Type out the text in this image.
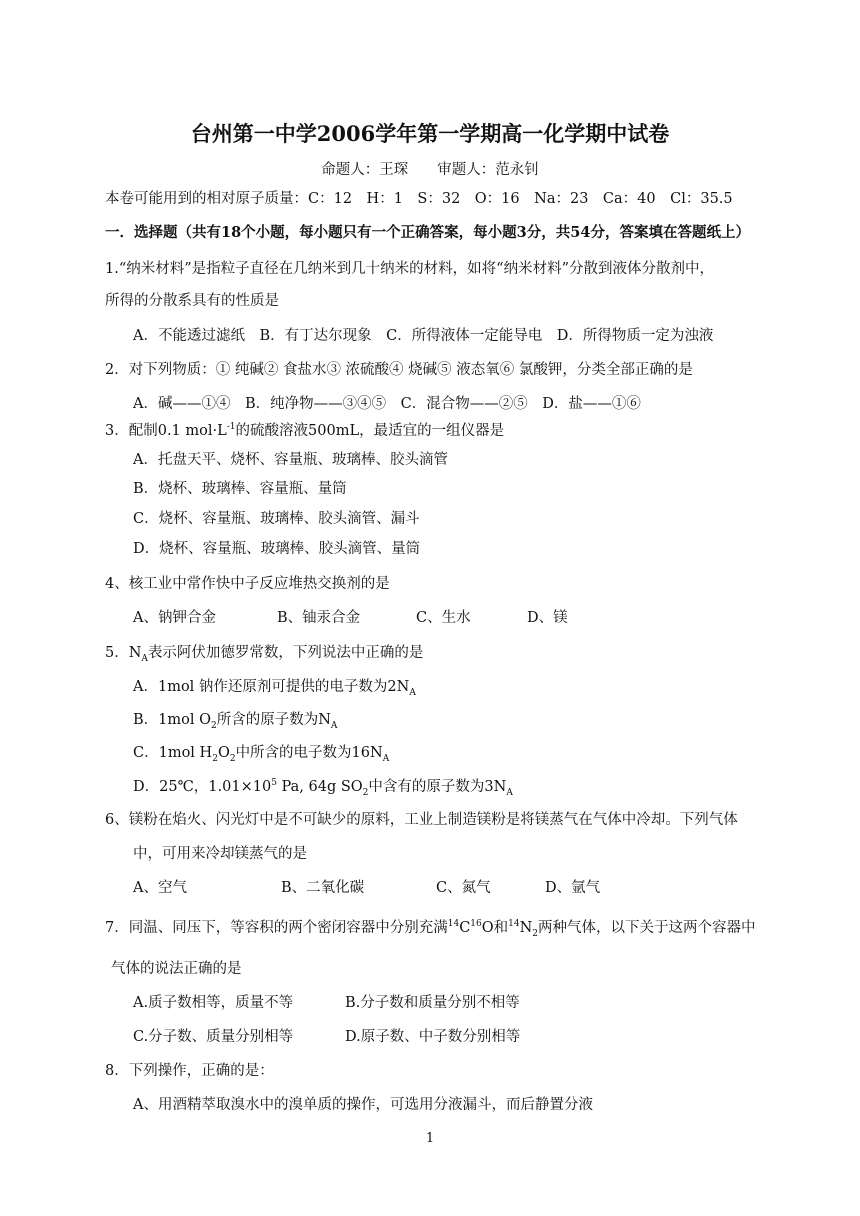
台州第一中学2006学年第一学期高一化学期中试卷
命题人：王琛　　审题人：范永钊
本卷可能用到的相对原子质量：C：12　H：1　S：32　O：16　Na：23　Ca：40　Cl：35.5
一．选择题（共有18个小题，每小题只有一个正确答案，每小题3分，共54分，答案填在答题纸上）
1.“纳米材料”是指粒子直径在几纳米到几十纳米的材料，如将“纳米材料”分散到液体分散剂中，
所得的分散系具有的性质是
A．不能透过滤纸　B．有丁达尔现象　C．所得液体一定能导电　D．所得物质一定为浊液
2．对下列物质：① 纯碱② 食盐水③ 浓硫酸④ 烧碱⑤ 液态氧⑥ 氯酸钾，分类全部正确的是
A．碱——①④　B．纯净物——③④⑤　C．混合物——②⑤　D．盐——①⑥
3．配制0.1 $mol\cdot L^{-1}$的硫酸溶液500mL，最适宜的一组仪器是
A．托盘天平、烧杯、容量瓶、玻璃棒、胶头滴管
B．烧杯、玻璃棒、容量瓶、量筒
C．烧杯、容量瓶、玻璃棒、胶头滴管、漏斗
D．烧杯、容量瓶、玻璃棒、胶头滴管、量筒
4、核工业中常作快中子反应堆热交换剂的是
A、钠钾合金	B、铀汞合金	C、生水	D、镁
5．$N_A$表示阿伏加德罗常数，下列说法中正确的是
A．1mol 钠作还原剂可提供的电子数为$2N_A$
B．1mol $O_2$所含的原子数为$N_A$
C．1mol $H_2O_2$中所含的电子数为$16N_A$
D．25℃，$1.01\times 10^5$ Pa, 64g $SO_2$中含有的原子数为$3N_A$
6、镁粉在焰火、闪光灯中是不可缺少的原料，工业上制造镁粉是将镁蒸气在气体中冷却。下列气体
中，可用来冷却镁蒸气的是
A、空气	B、二氧化碳	C、氮气	D、氩气
7．同温、同压下，等容积的两个密闭容器中分别充满$^{14}C^{16}O$和$^{14}N_2$两种气体，以下关于这两个容器中
气体的说法正确的是
A.质子数相等，质量不等	B.分子数和质量分别不相等
C.分子数、质量分别相等	D.原子数、中子数分别相等
8．下列操作，正确的是：
A、用酒精萃取溴水中的溴单质的操作，可选用分液漏斗，而后静置分液
1
